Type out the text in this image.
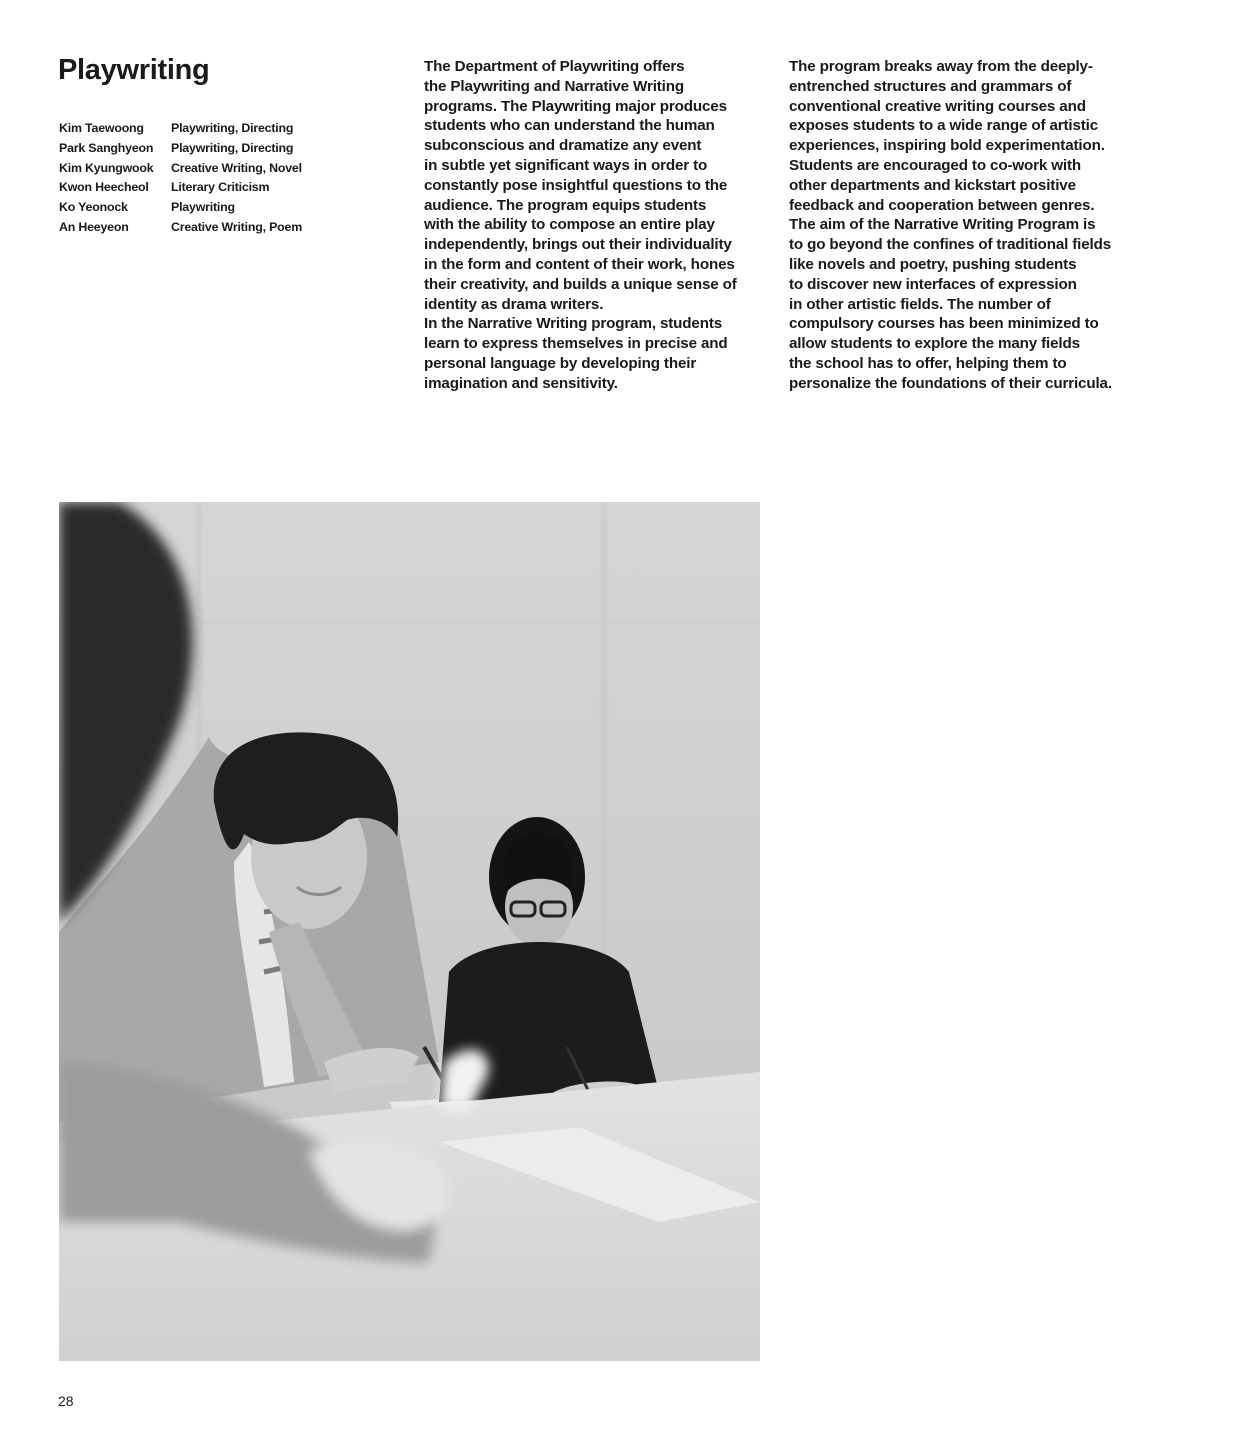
Playwriting
Kim Taewoong	Playwriting, Directing
Park Sanghyeon	Playwriting, Directing
Kim Kyungwook	Creative Writing, Novel
Kwon Heecheol	Literary Criticism
Ko Yeonock	Playwriting
An Heeyeon	Creative Writing, Poem

The Department of Playwriting offers

the Playwriting and Narrative Writing

programs. The Playwriting major produces

students who can understand the human

subconscious and dramatize any event

in subtle yet significant ways in order to

constantly pose insightful questions to the

audience. The program equips students

with the ability to compose an entire play

independently, brings out their individuality

in the form and content of their work, hones

their creativity, and builds a unique sense of

identity as drama writers.

In the Narrative Writing program, students

learn to express themselves in precise and

personal language by developing their

imagination and sensitivity.

The program breaks away from the deeply-

entrenched structures and grammars of

conventional creative writing courses and

exposes students to a wide range of artistic

experiences, inspiring bold experimentation.

Students are encouraged to co-work with

other departments and kickstart positive

feedback and cooperation between genres.

The aim of the Narrative Writing Program is

to go beyond the confines of traditional fields

like novels and poetry, pushing students

to discover new interfaces of expression

in other artistic fields. The number of

compulsory courses has been minimized to

allow students to explore the many fields

the school has to offer, helping them to

personalize the foundations of their curricula.

28
